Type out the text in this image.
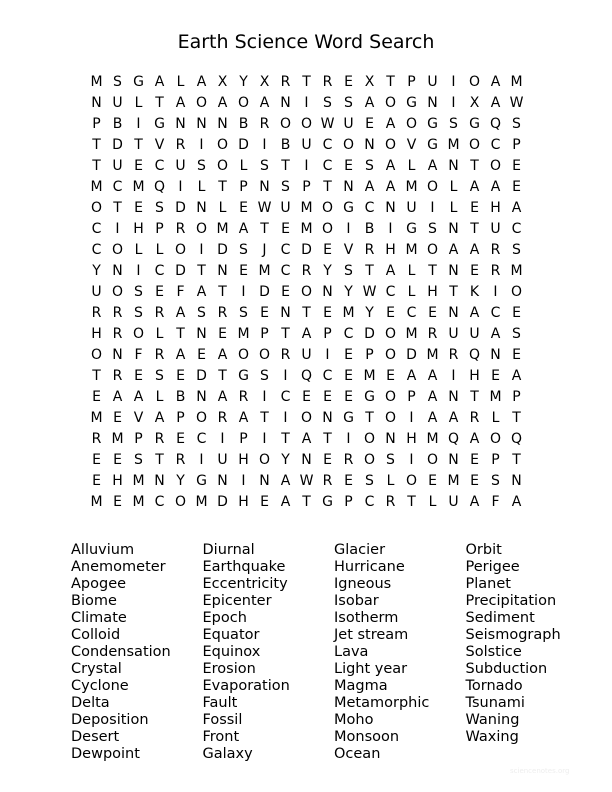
Earth Science Word Search
M S G A L A X Y X R T R E X T P U I O A M
N U L T A O A O A N I	S S A O G N I	X A W
P B	I G N N N B R O O W U E A O G S G Q S
T D T V R	I O D I	B U C O N O V G M O C P
T U E C U S O L S T	I	C E S A L A N T O E
M C M Q I	L T P N S P T N A A M O L A A E
O T E S D N L E W U M O G C N U I	L E H A
C	I H P R O M A T E M O I	B	I G S N T U C
C O L L O I D S	J	C D E V R H M O A A R S
Y N I	C D T N E M C R Y S T A L T N E R M
U O S E F A T	I D E O N Y W C L H T K	I O
R R S R A S R S E N T E M Y E C E N A C E
H R O L T N E M P T A P C D O M R U U A S
O N F R A E A O O R U I	E P O D M R Q N E
T R E S E D T G S	I Q C E M E A A	I H E A
E A A L B N A R	I	C E E E G O P A N T M P
M E V A P O R A T	I O N G T O I	A A R L T
R M P R E C	I	P	I	T A T	I O N H M Q A O Q
E E S T R	I U H O Y N E R O S	I O N E P T
E H M N Y G N I N A W R E S L O E M E S N
M E M C O M D H E A T G P C R T L U A F A
Alluvium
Anemometer
Apogee
Biome
Climate
Colloid
Condensation
Crystal
Cyclone
Delta
Deposition
Desert
Dewpoint
Diurnal
Earthquake
Eccentricity
Epicenter
Epoch
Equator
Equinox
Erosion
Evaporation
Fault
Fossil
Front
Galaxy
Glacier
Hurricane
Igneous
Isobar
Isotherm
Jet stream
Lava
Light year
Magma
Metamorphic
Moho
Monsoon
Ocean
Orbit
Perigee
Planet
Precipitation
Sediment
Seismograph
Solstice
Subduction
Tornado
Tsunami
Waning
Waxing
sciencenotes.org
